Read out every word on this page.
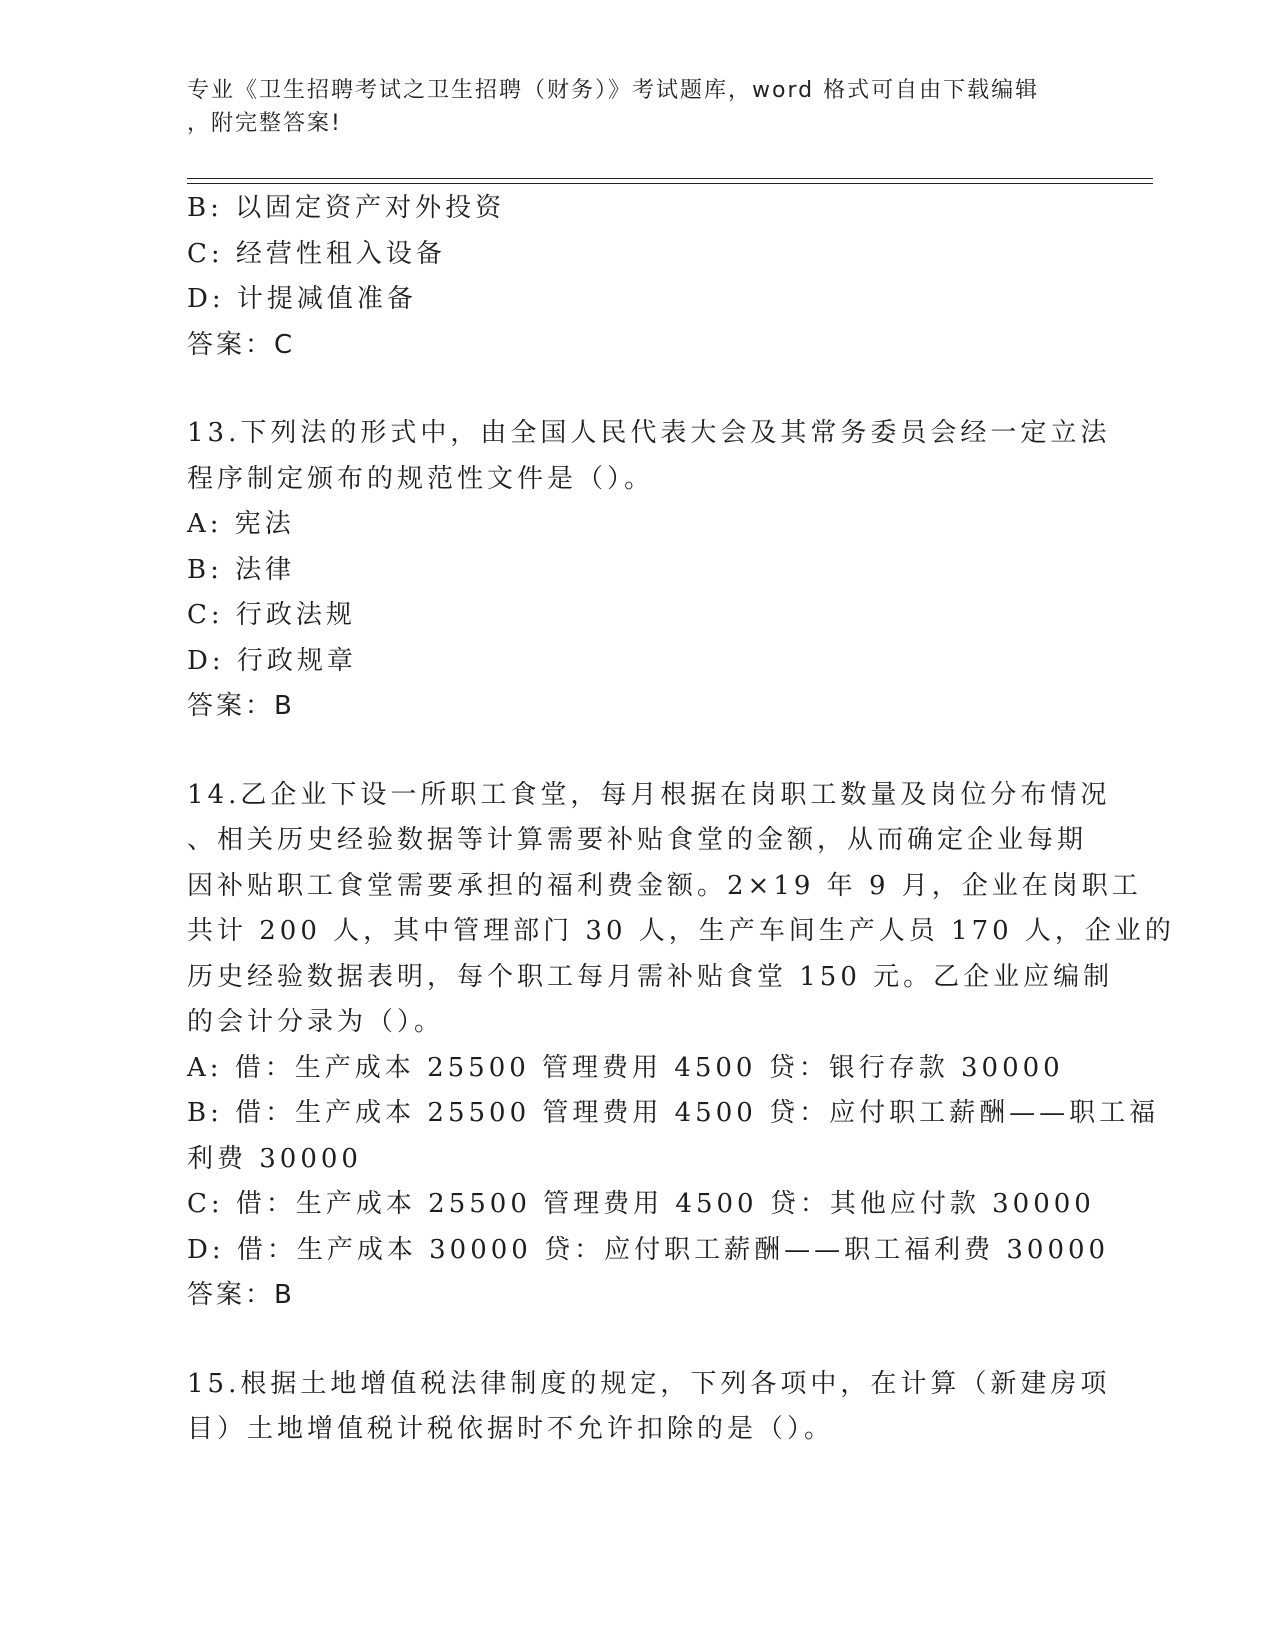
专业《卫生招聘考试之卫生招聘（财务）》考试题库，word 格式可自由下载编辑
，附完整答案!
B: 以固定资产对外投资
C: 经营性租入设备
D: 计提减值准备
答案：C
13.下列法的形式中，由全国人民代表大会及其常务委员会经一定立法
程序制定颁布的规范性文件是（）。
A: 宪法
B: 法律
C: 行政法规
D: 行政规章
答案：B
14.乙企业下设一所职工食堂，每月根据在岗职工数量及岗位分布情况
、相关历史经验数据等计算需要补贴食堂的金额，从而确定企业每期
因补贴职工食堂需要承担的福利费金额。2×19 年 9 月，企业在岗职工
共计 200 人，其中管理部门 30 人，生产车间生产人员 170 人，企业的
历史经验数据表明，每个职工每月需补贴食堂 150 元。乙企业应编制
的会计分录为（）。
A: 借：生产成本 25500 管理费用 4500 贷：银行存款 30000
B: 借：生产成本 25500 管理费用 4500 贷：应付职工薪酬——职工福
利费 30000
C: 借：生产成本 25500 管理费用 4500 贷：其他应付款 30000
D: 借：生产成本 30000 贷：应付职工薪酬——职工福利费 30000
答案：B
15.根据土地增值税法律制度的规定，下列各项中，在计算（新建房项
目）土地增值税计税依据时不允许扣除的是（）。
